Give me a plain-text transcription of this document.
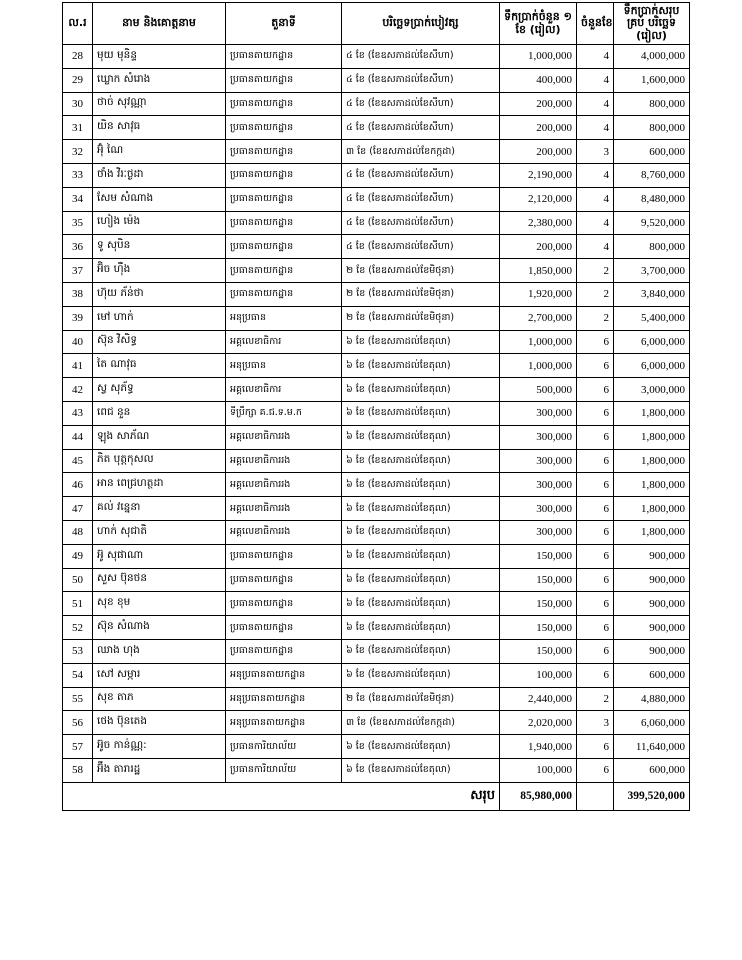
ល.រ	នាម និងគោត្តនាម	តួនាទី	បរិច្ឆេទប្រាក់បៀវត្ស	ទឹកប្រាក់ចំនួន ១ ខែ (រៀល)	ចំនួនខែ	ទឹកប្រាក់សរុបគ្រប់ បរិច្ឆេទ (រៀល)
28	មុយ មុនិន្ទ	ប្រធានតាយកដ្ឋាន	៤ ខែ (ខែឧសភាដល់ខែសីហា)	1,000,000	4	4,000,000
29	ឃ្លោក សំរោង	ប្រធានតាយកដ្ឋាន	៤ ខែ (ខែឧសភាដល់ខែសីហា)	400,000	4	1,600,000
30	ថាច់ សុវណ្ណា	ប្រធានតាយកដ្ឋាន	៤ ខែ (ខែឧសភាដល់ខែសីហា)	200,000	4	800,000
31	យិន សាវុធ	ប្រធានតាយកដ្ឋាន	៤ ខែ (ខែឧសភាដល់ខែសីហា)	200,000	4	800,000
32	អ៊ុំ ណៃ	ប្រធានតាយកដ្ឋាន	៣ ខែ (ខែឧសភាដល់ខែកក្កដា)	200,000	3	600,000
33	ថាំង វិរៈថ្ងដា	ប្រធានតាយកដ្ឋាន	៤ ខែ (ខែឧសភាដល់ខែសីហា)	2,190,000	4	8,760,000
34	សែម សំណាង	ប្រធានតាយកដ្ឋាន	៤ ខែ (ខែឧសភាដល់ខែសីហា)	2,120,000	4	8,480,000
35	ហៀង ម៉េង	ប្រធានតាយកដ្ឋាន	៤ ខែ (ខែឧសភាដល់ខែសីហា)	2,380,000	4	9,520,000
36	ទូ សុបិន	ប្រធានតាយកដ្ឋាន	៤ ខែ (ខែឧសភាដល់ខែសីហា)	200,000	4	800,000
37	អ៊ិច ហ៊ឺង	ប្រធានតាយកដ្ឋាន	២ ខែ (ខែឧសភាដល់ខែមិថុនា)	1,850,000	2	3,700,000
38	ហ៊ុយ ភ័ន់ថា	ប្រធានតាយកដ្ឋាន	២ ខែ (ខែឧសភាដល់ខែមិថុនា)	1,920,000	2	3,840,000
39	មៅ ហាក់	អនុប្រធាន	២ ខែ (ខែឧសភាដល់ខែមិថុនា)	2,700,000	2	5,400,000
40	ស៊ុន វិសិទ្ធ	អគ្គលេខាធិការ	៦ ខែ (ខែឧសភាដល់ខែតុលា)	1,000,000	6	6,000,000
41	តៃ ណាវុធ	អនុប្រធាន	៦ ខែ (ខែឧសភាដល់ខែតុលា)	1,000,000	6	6,000,000
42	ស្វ សុភ័ទ្ធ	អគ្គលេខាធិការ	៦ ខែ (ខែឧសភាដល់ខែតុលា)	500,000	6	3,000,000
43	ពេជ នួន	ទីប្រឹក្សា គ.ជ.ទ.ម.ក	៦ ខែ (ខែឧសភាដល់ខែតុលា)	300,000	6	1,800,000
44	ឡុង សាភ័ណ	អគ្គលេខាធិការរង	៦ ខែ (ខែឧសភាដល់ខែតុលា)	300,000	6	1,800,000
45	ភិត បុត្តកុសល	អគ្គលេខាធិការរង	៦ ខែ (ខែឧសភាដល់ខែតុលា)	300,000	6	1,800,000
46	អាន ពេជ្រហត្ថដា	អគ្គលេខាធិការរង	៦ ខែ (ខែឧសភាដល់ខែតុលា)	300,000	6	1,800,000
47	គល់ វន្នេនា	អគ្គលេខាធិការរង	៦ ខែ (ខែឧសភាដល់ខែតុលា)	300,000	6	1,800,000
48	ហាក់ សុជាតិ	អគ្គលេខាធិការរង	៦ ខែ (ខែឧសភាដល់ខែតុលា)	300,000	6	1,800,000
49	អ៊ូ សុផាណា	ប្រធានតាយកដ្ឋាន	៦ ខែ (ខែឧសភាដល់ខែតុលា)	150,000	6	900,000
50	សួស ប៊ុនថន	ប្រធានតាយកដ្ឋាន	៦ ខែ (ខែឧសភាដល់ខែតុលា)	150,000	6	900,000
51	សុខ ខុម	ប្រធានតាយកដ្ឋាន	៦ ខែ (ខែឧសភាដល់ខែតុលា)	150,000	6	900,000
52	ស៊ុន សំណាង	ប្រធានតាយកដ្ឋាន	៦ ខែ (ខែឧសភាដល់ខែតុលា)	150,000	6	900,000
53	ឈាង ហុង	ប្រធានតាយកដ្ឋាន	៦ ខែ (ខែឧសភាដល់ខែតុលា)	150,000	6	900,000
54	សៅ សម្ភារ	អនុប្រធានតាយកដ្ឋាន	៦ ខែ (ខែឧសភាដល់ខែតុលា)	100,000	6	600,000
55	សុខ តាភ	អនុប្រធានតាយកដ្ឋាន	២ ខែ (ខែឧសភាដល់ខែមិថុនា)	2,440,000	2	4,880,000
56	ថេង ប៊ុនតេង	អនុប្រធានតាយកដ្ឋាន	៣ ខែ (ខែឧសភាដល់ខែកក្កដា)	2,020,000	3	6,060,000
57	អ៊ូច កាន់ណ្ណ:	ប្រធានការិយាល័យ	៦ ខែ (ខែឧសភាដល់ខែតុលា)	1,940,000	6	11,640,000
58	អ៊ឹង តារារដ្ឋ	ប្រធានការិយាល័យ	៦ ខែ (ខែឧសភាដល់ខែតុលា)	100,000	6	600,000
សរុប				85,980,000		399,520,000
